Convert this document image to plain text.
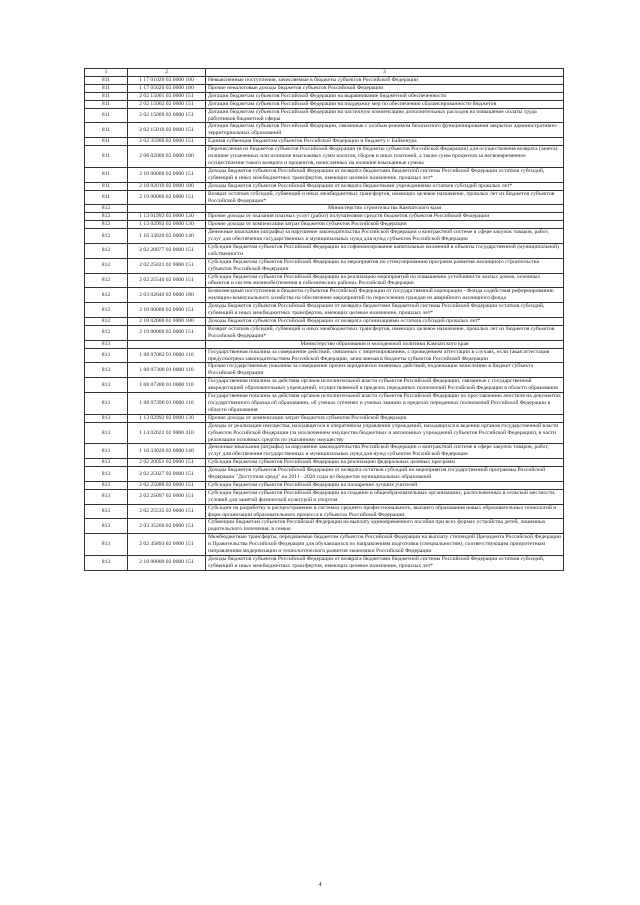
1	2	3
811	1 17 01020 02 0000 180	Невыясненные поступления, зачисляемые в бюджеты субъектов Российской Федерации
811	1 17 05020 02 0000 180	Прочие неналоговые доходы бюджетов субъектов Российской Федерации
811	2 02 15001 02 0000 151	Дотации бюджетам субъектов Российской Федерации на выравнивание бюджетной обеспеченности
811	2 02 15002 02 0000 151	Дотации бюджетам субъектов Российской Федерации на поддержку мер по обеспечению сбалансированности бюджетов
811	2 02 15009 02 0000 151	Дотации бюджетам субъектов Российской Федерации на частичную компенсацию дополнительных расходов на повышение оплаты труда работников бюджетной сферы
811	2 02 15010 02 0000 151	Дотации бюджетам субъектов Российской Федерации, связанные с особым режимом безопасного функционирования закрытых административно-территориальных образований
811	2 02 35900 02 0000 151	Единая субвенция бюджетам субъектов Российской Федерации и бюджету г. Байконура
811	2 08 02000 02 0000 180	Перечисления из бюджетов субъектов Российской Федерации (в бюджеты субъектов Российской Федерации) для осуществления возврата (зачета) излишне уплаченных или излишне взысканных сумм налогов, сборов и иных платежей, а также сумм процентов за несвоевременное осуществление такого возврата и процентов, начисленных на излишне взысканные суммы
811	2 18 00000 02 0000 151	Доходы бюджетов субъектов Российской Федерации от возврата бюджетами бюджетной системы Российской Федерации остатков субсидий, субвенций и иных межбюджетных трансфертов, имеющих целевое назначение, прошлых лет*
811	2 18 02010 02 0000 180	Доходы бюджетов субъектов Российской Федерации от возврата бюджетными учреждениями остатков субсидий прошлых лет*
811	2 19 00000 02 0000 151	Возврат остатков субсидий, субвенций и иных межбюджетных трансфертов, имеющих целевое назначение, прошлых лет из бюджетов субъектов Российской Федерации*
812		Министерство строительства Камчатского края
812	1 13 01992 02 0000 130	Прочие доходы от оказания платных услуг (работ) получателями средств бюджетов субъектов Российской Федерации
812	1 13 02992 02 0000 130	Прочие доходы от компенсации затрат бюджетов субъектов Российской Федерации
812	1 16 33020 02 0000 140	Денежные взыскания (штрафы) за нарушение законодательства Российской Федерации о контрактной системе в сфере закупок товаров, работ, услуг для обеспечения государственных и муниципальных нужд для нужд субъектов Российской Федерации
812	2 02 20077 02 0000 151	Субсидии бюджетам субъектов Российской Федерации на софинансирование капитальных вложений в объекты государственной (муниципальной) собственности
812	2 02 25021 02 0000 151	Субсидии бюджетам субъектов Российской Федерации на мероприятия по стимулированию программ развития жилищного строительства субъектов Российской Федерации
812	2 02 25540 02 0000 151	Субсидии бюджетам субъектов Российской Федерации на реализацию мероприятий по повышению устойчивости жилых домов, основных объектов и систем жизнеобеспечения в сейсмических районах Российской Федерации
812	2 03 02040 02 0000 180	Безвозмездные поступления в бюджеты субъектов Российской Федерации от государственной корпорации - Фонда содействия реформированию жилищно-коммунального хозяйства на обеспечение мероприятий по переселению граждан из аварийного жилищного фонда
812	2 18 00000 02 0000 151	Доходы бюджетов субъектов Российской Федерации от возврата бюджетами бюджетной системы Российской Федерации остатков субсидий, субвенций и иных межбюджетных трансфертов, имеющих целевое назначение, прошлых лет*
812	2 18 02000 02 0000 180	Доходы бюджетов субъектов Российской Федерации от возврата организациями остатков субсидий прошлых лет*
812	2 19 00000 02 0000 151	Возврат остатков субсидий, субвенций и иных межбюджетных трансфертов, имеющих целевое назначение, прошлых лет из бюджетов субъектов Российской Федерации*
813		Министерство образования и молодежной политики Камчатского края
813	1 08 07082 01 0000 110	Государственная пошлина за совершение действий, связанных с лицензированием, с проведением аттестации в случаях, если такая аттестация предусмотрена законодательством Российской Федерации, зачисляемая в бюджеты субъектов Российской Федерации
813	1 08 07300 01 0000 110	Прочие государственные пошлины за совершение прочих юридически значимых действий, подлежащие зачислению в бюджет субъекта Российской Федерации
813	1 08 07380 01 0000 110	Государственная пошлина за действия органов исполнительной власти субъектов Российской Федерации, связанные с государственной аккредитацией образовательных учреждений, осуществляемой в пределах переданных полномочий Российской Федерации в области образования
813	1 08 07390 01 0000 110	Государственная пошлина за действия органов исполнительной власти субъектов Российской Федерации по проставлению апостиля на документах государственного образца об образовании, об ученых степенях и ученых званиях в пределах переданных полномочий Российской Федерации в области образования
813	1 13 02992 02 0000 130	Прочие доходы от компенсации затрат бюджетов субъектов Российской Федерации
813	1 14 02022 02 0000 410	Доходы от реализации имущества, находящегося в оперативном управлении учреждений, находящихся в ведении органов государственной власти субъектов Российской Федерации (за исключением имущества бюджетных и автономных учреждений субъектов Российской Федерации), в части реализации основных средств по указанному имуществу
813	1 16 33020 02 0000 140	Денежные взыскания (штрафы) за нарушение законодательства Российской Федерации о контрактной системе в сфере закупок товаров, работ, услуг для обеспечения государственных и муниципальных нужд для нужд субъектов Российской Федерации
813	2 02 20051 02 0000 151	Субсидии бюджетам субъектов Российской Федерации на реализацию федеральных целевых программ
813	2 02 25027 02 0000 151	Доходы бюджетов субъектов Российской Федерации от возврата остатков субсидий на мероприятия государственной программы Российской Федерации "Доступная среда" на 2011 - 2020 годы из бюджетов муниципальных образований
813	2 02 25088 02 0000 151	Субсидии бюджетам субъектов Российской Федерации на поощрение лучших учителей
813	2 02 25097 02 0000 151	Субсидии бюджетам субъектов Российской Федерации на создание в общеобразовательных организациях, расположенных в сельской местности, условий для занятий физической культурой и спортом
813	2 02 25535 02 0000 151	Субсидии на разработку и распространение в системах среднего профессионального, высшего образования новых образовательных технологий и форм организации образовательного процесса в субъектах Российской Федерации
813	2 03 35260 02 0000 151	Субвенции бюджетам субъектов Российской Федерации на выплату единовременного пособия при всех формах устройства детей, лишенных родительского попечения, в семью
813	2 02 45893 02 0000 151	Межбюджетные трансферты, передаваемые бюджетам субъектов Российской Федерации на выплату стипендий Президента Российской Федерации и Правительства Российской Федерации для обучающихся по направлениям подготовки (специальностям), соответствующим приоритетным направлениям модернизации и технологического развития экономики Российской Федерации
813	2 18 00000 02 0000 151	Доходы бюджетов субъектов Российской Федерации от возврата бюджетами бюджетной системы Российской Федерации остатков субсидий, субвенций и иных межбюджетных трансфертов, имеющих целевое назначение, прошлых лет*
4
